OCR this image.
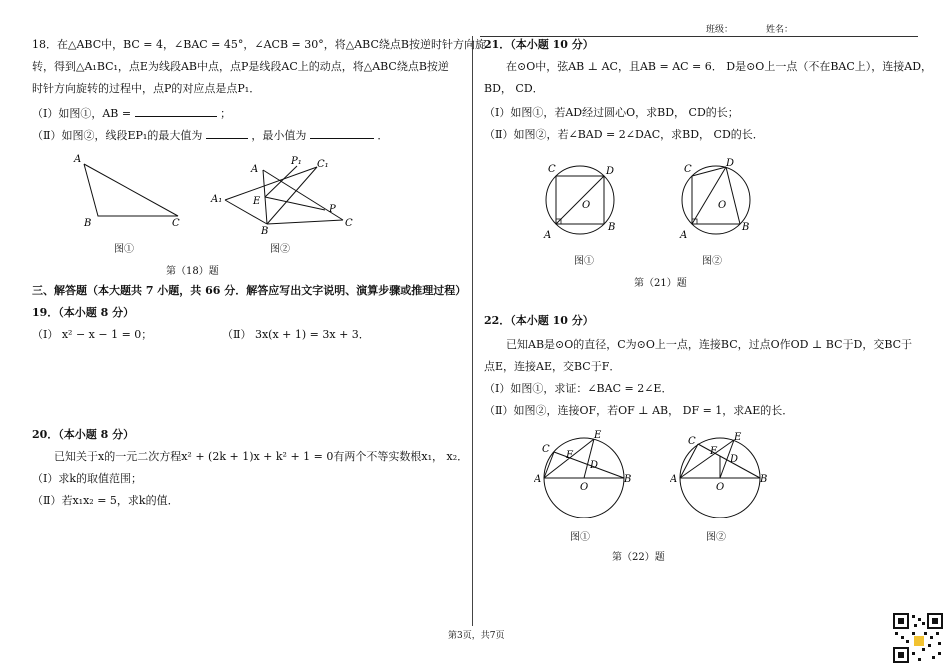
班级：	姓名：
18．在△ABC中，BC = 4，∠BAC = 45°，∠ACB = 30°，将△ABC绕点B按逆时针方向旋
转，得到△A₁BC₁，点E为线段AB中点，点P是线段AC上的动点，将△ABC绕点B按逆
时针方向旋转的过程中，点P的对应点是点P₁．
（Ⅰ）如图①，AB =	；
（Ⅱ）如图②，线段EP₁的最大值为	，最小值为	．
A
B	C
图①
A
A₁	E
B
P₁ C₁
P
C
图②
第（18）题
三、解答题（本大题共 7 小题，共 66 分．解答应写出文字说明、演算步骤或推理过程）
19．（本小题 8 分）
（Ⅰ） x² − x − 1 = 0；	（Ⅱ） 3x(x + 1) = 3x + 3．
20．（本小题 8 分）
已知关于x的一元二次方程x² + (2k + 1)x + k² + 1 = 0有两个不等实数根x₁， x₂．
（Ⅰ）求k的取值范围；
（Ⅱ）若x₁x₂ = 5，求k的值．
21．（本小题 10 分）
在⊙O中，弦AB ⊥ AC，且AB = AC = 6． D是⊙O上一点（不在BAC上），连接AD，
BD， CD．
（Ⅰ）如图①，若AD经过圆心O，求BD， CD的长；
（Ⅱ）如图②，若∠BAD = 2∠DAC，求BD， CD的长．
C	D
O
A
B
图①
C
D
O
A
B
图②
第（21）题
22．（本小题 10 分）
已知AB是⊙O的直径，C为⊙O上一点，连接BC，过点O作OD ⊥ BC于D，交BC于
点E，连接AE，交BC于F．
（Ⅰ）如图①，求证：∠BAC = 2∠E．
（Ⅱ）如图②，连接OF，若OF ⊥ AB， DF = 1，求AE的长．
C
E
F
D
A
O
B
图①
C	E
F
D
A
O
B
图②
第（22）题
第3页，共7页
